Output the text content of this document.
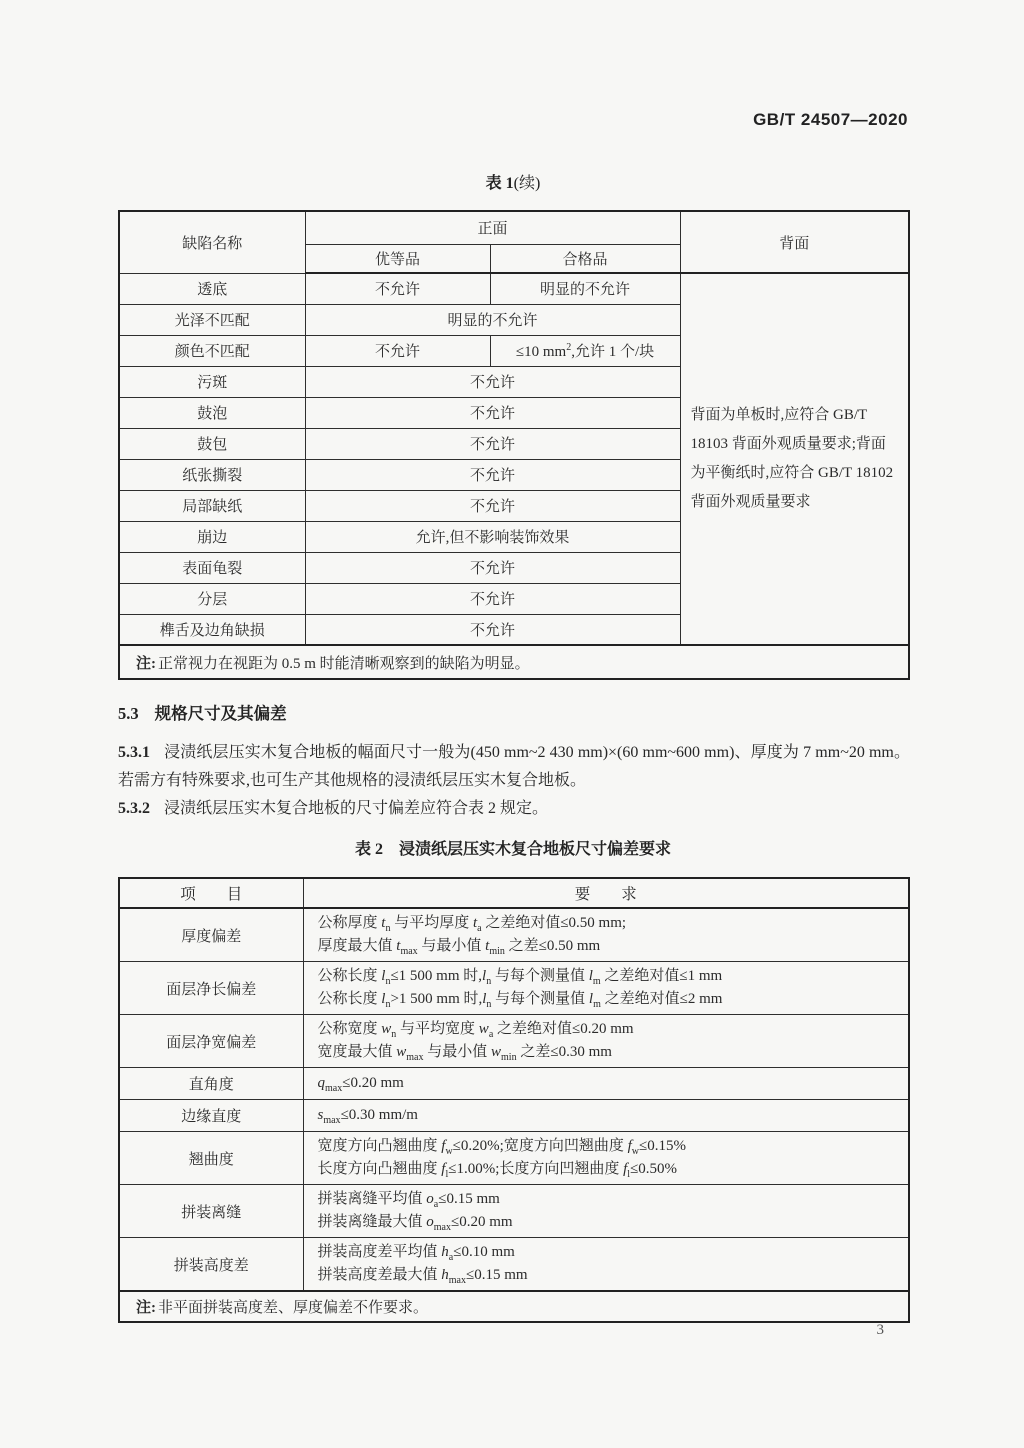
GB/T 24507—2020
表 1(续)
缺陷名称	正面		背面
	优等品	合格品	
透底	不允许	明显的不允许	背面为单板时,应符合 GB/T 18103 背面外观质量要求;背面为平衡纸时,应符合 GB/T 18102 背面外观质量要求

光泽不匹配	明显的不允许		
颜色不匹配	不允许	≤10 $mm^2$,允许 1 个/块	
污斑	不允许		
鼓泡	不允许		
鼓包	不允许		
纸张撕裂	不允许		
局部缺纸	不允许		
崩边	允许,但不影响装饰效果		
表面龟裂	不允许		
分层	不允许		
榫舌及边角缺损	不允许		
注: 正常视力在视距为 0.5 m 时能清晰观察到的缺陷为明显。			
5.3 规格尺寸及其偏差
5.3.1 浸渍纸层压实木复合地板的幅面尺寸一般为(450 mm~2 430 mm)×(60 mm~600 mm)、厚度为 7 mm~20 mm。若需方有特殊要求,也可生产其他规格的浸渍纸层压实木复合地板。
5.3.2 浸渍纸层压实木复合地板的尺寸偏差应符合表 2 规定。
表 2 浸渍纸层压实木复合地板尺寸偏差要求
项　　目	要　　求
厚度偏差	公称厚度 $t_n$ 与平均厚度 $t_a$ 之差绝对值≤0.50 mm;
厚度最大值 $t_{max}$ 与最小值 $t_{min}$ 之差≤0.50 mm

面层净长偏差	公称长度 $l_n\le 1$ 500 mm 时$,l_n$ 与每个测量值 $l_m$ 之差绝对值≤1 mm
公称长度 $l_n>1$ 500 mm 时$,l_n$ 与每个测量值 $l_m$ 之差绝对值≤2 mm

面层净宽偏差	公称宽度 $w_n$ 与平均宽度 $w_a$ 之差绝对值≤0.20 mm
宽度最大值 $w_{max}$ 与最小值 $w_{min}$ 之差≤0.30 mm

直角度	$q_{max}\le 0.20$ mm

边缘直度	$s_{max}\le 0.30$ mm/m

翘曲度	宽度方向凸翘曲度 $f_w\le 0.20\%$;宽度方向凹翘曲度 $f_w\le 0.15\%$
长度方向凸翘曲度 $f_l\le 1.00\%$;长度方向凹翘曲度 $f_l\le 0.50\%$

拼装离缝	拼装离缝平均值 $o_a\le 0.15$ mm
拼装离缝最大值 $o_{max}\le 0.20$ mm

拼装高度差	拼装高度差平均值 $h_a\le 0.10$ mm
拼装高度差最大值 $h_{max}\le 0.15$ mm

注: 非平面拼装高度差、厚度偏差不作要求。	
3
